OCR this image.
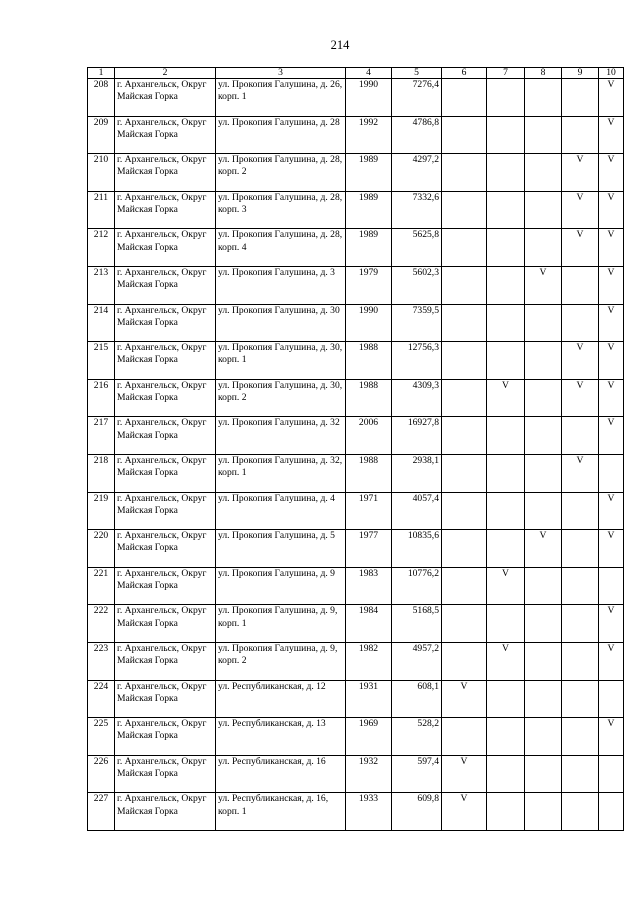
214
1	2	3	4	5	6	7	8	9	10
208	г. Архангельск, Округ Майская Горка	ул. Прокопия Галушина, д. 26, корп. 1	1990	7276,4					V
209	г. Архангельск, Округ Майская Горка	ул. Прокопия Галушина, д. 28	1992	4786,8					V
210	г. Архангельск, Округ Майская Горка	ул. Прокопия Галушина, д. 28, корп. 2	1989	4297,2				V	V
211	г. Архангельск, Округ Майская Горка	ул. Прокопия Галушина, д. 28, корп. 3	1989	7332,6				V	V
212	г. Архангельск, Округ Майская Горка	ул. Прокопия Галушина, д. 28, корп. 4	1989	5625,8				V	V
213	г. Архангельск, Округ Майская Горка	ул. Прокопия Галушина, д. 3	1979	5602,3			V		V
214	г. Архангельск, Округ Майская Горка	ул. Прокопия Галушина, д. 30	1990	7359,5					V
215	г. Архангельск, Округ Майская Горка	ул. Прокопия Галушина, д. 30, корп. 1	1988	12756,3				V	V
216	г. Архангельск, Округ Майская Горка	ул. Прокопия Галушина, д. 30, корп. 2	1988	4309,3		V		V	V
217	г. Архангельск, Округ Майская Горка	ул. Прокопия Галушина, д. 32	2006	16927,8					V
218	г. Архангельск, Округ Майская Горка	ул. Прокопия Галушина, д. 32, корп. 1	1988	2938,1				V	
219	г. Архангельск, Округ Майская Горка	ул. Прокопия Галушина, д. 4	1971	4057,4					V
220	г. Архангельск, Округ Майская Горка	ул. Прокопия Галушина, д. 5	1977	10835,6			V		V
221	г. Архангельск, Округ Майская Горка	ул. Прокопия Галушина, д. 9	1983	10776,2		V			
222	г. Архангельск, Округ Майская Горка	ул. Прокопия Галушина, д. 9, корп. 1	1984	5168,5					V
223	г. Архангельск, Округ Майская Горка	ул. Прокопия Галушина, д. 9, корп. 2	1982	4957,2		V			V
224	г. Архангельск, Округ Майская Горка	ул. Республиканская, д. 12	1931	608,1	V				
225	г. Архангельск, Округ Майская Горка	ул. Республиканская, д. 13	1969	528,2					V
226	г. Архангельск, Округ Майская Горка	ул. Республиканская, д. 16	1932	597,4	V				
227	г. Архангельск, Округ Майская Горка	ул. Республиканская, д. 16, корп. 1	1933	609,8	V				
